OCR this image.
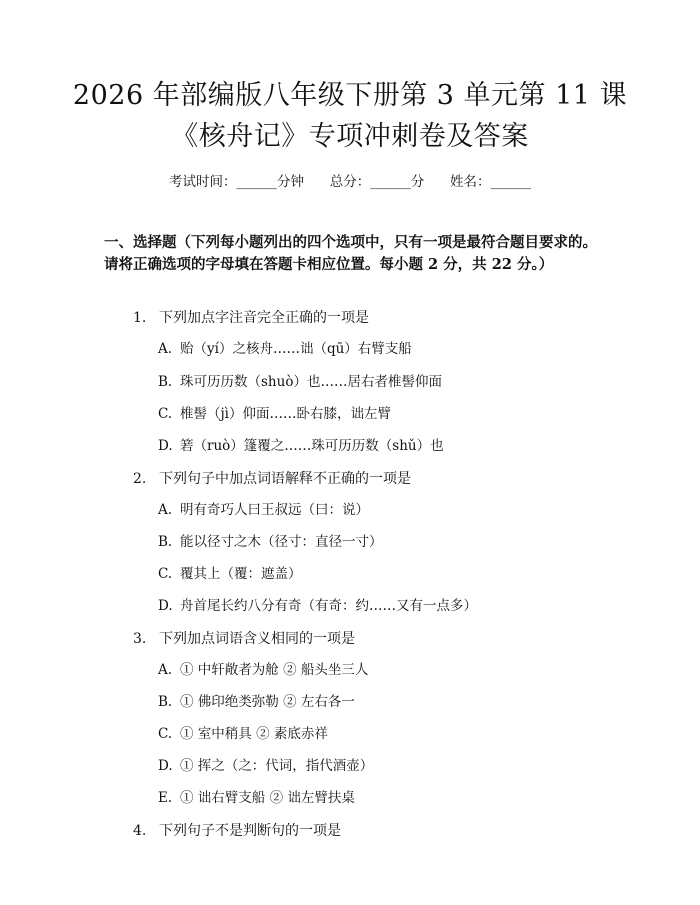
2026 年部编版八年级下册第 3 单元第 11 课
《核舟记》专项冲刺卷及答案
考试时间：______分钟      总分：______分      姓名：______
一、选择题（下列每小题列出的四个选项中，只有一项是最符合题目要求的。请将正确选项的字母填在答题卡相应位置。每小题 2 分，共 22 分。）
1. 下列加点字注音完全正确的一项是
A. 贻（yí）之核舟……诎（qū）右臂支船
B. 珠可历历数（shuò）也……居右者椎髻仰面
C. 椎髻（jì）仰面……卧右膝，诎左臂
D. 箬（ruò）篷覆之……珠可历历数（shǔ）也
2. 下列句子中加点词语解释不正确的一项是
A. 明有奇巧人曰王叔远（曰：说）
B. 能以径寸之木（径寸：直径一寸）
C. 覆其上（覆：遮盖）
D. 舟首尾长约八分有奇（有奇：约……又有一点多）
3. 下列加点词语含义相同的一项是
A. ① 中轩敞者为舱 ② 船头坐三人
B. ① 佛印绝类弥勒 ② 左右各一
C. ① 室中稍具 ② 素底赤祥
D. ① 挥之（之：代词，指代酒壶）
E. ① 诎右臂支船 ② 诎左臂扶桌
4. 下列句子不是判断句的一项是
